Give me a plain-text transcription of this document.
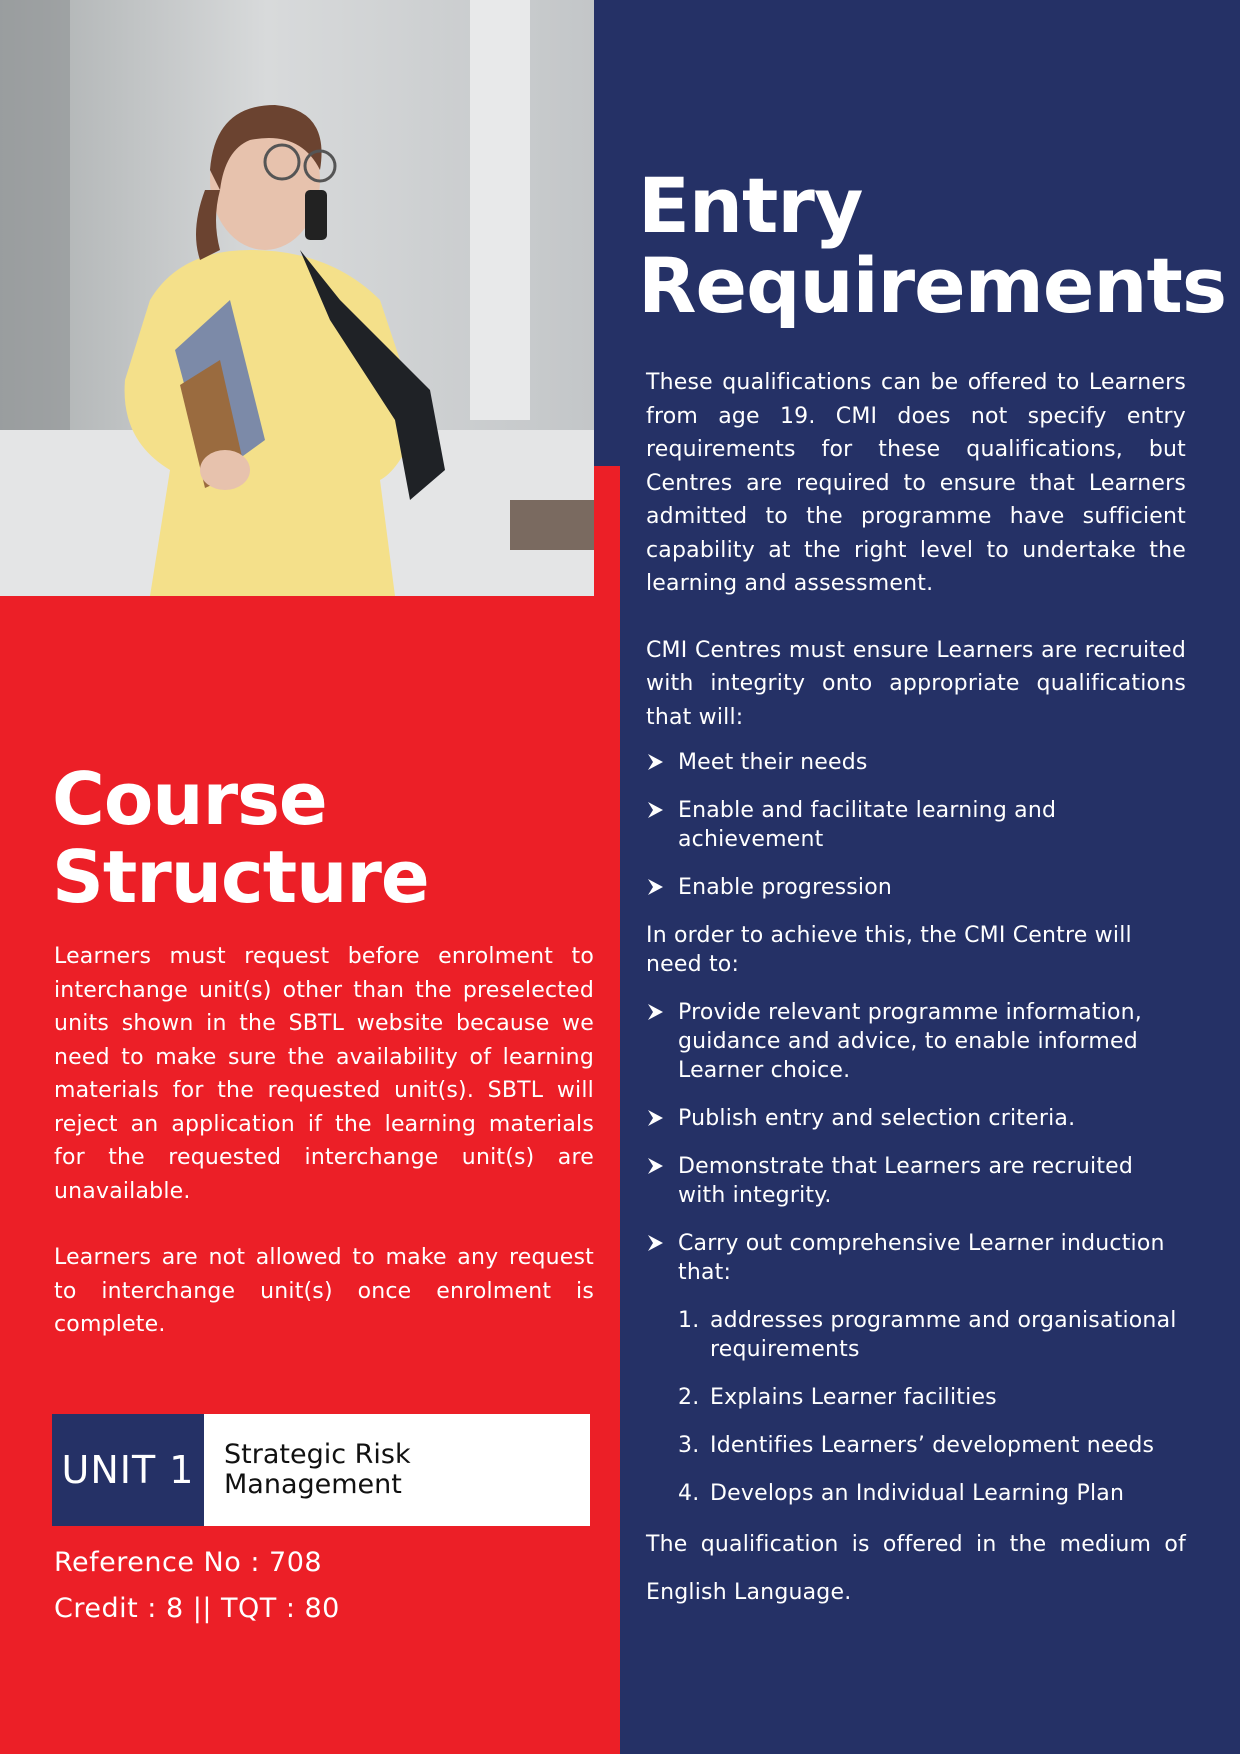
Entry
Requirements

These qualifications can be offered to Learners from age 19. CMI does not specify entry requirements for these qualifications, but Centres are required to ensure that Learners admitted to the programme have sufficient capability at the right level to undertake the learning and assessment.

CMI Centres must ensure Learners are recruited with integrity onto appropriate qualifications that will:

Meet their needs
Enable and facilitate learning and achievement
Enable progression

In order to achieve this, the CMI Centre will need to:

Provide relevant programme information, guidance and advice, to enable informed Learner choice.
Publish entry and selection criteria.
Demonstrate that Learners are recruited with integrity.
Carry out comprehensive Learner induction that:
1. addresses programme and organisational requirements
2. Explains Learner facilities
3. Identifies Learners’ development needs
4. Develops an Individual Learning Plan

The qualification is offered in the medium of English Language.

Course
Structure

Learners must request before enrolment to interchange unit(s) other than the preselected units shown in the SBTL website because we need to make sure the availability of learning materials for the requested unit(s). SBTL will reject an application if the learning materials for the requested interchange unit(s) are unavailable.

Learners are not allowed to make any request to interchange unit(s) once enrolment is complete.

UNIT 1	Strategic Risk Management
Reference No : 708
Credit : 8 || TQT : 80
